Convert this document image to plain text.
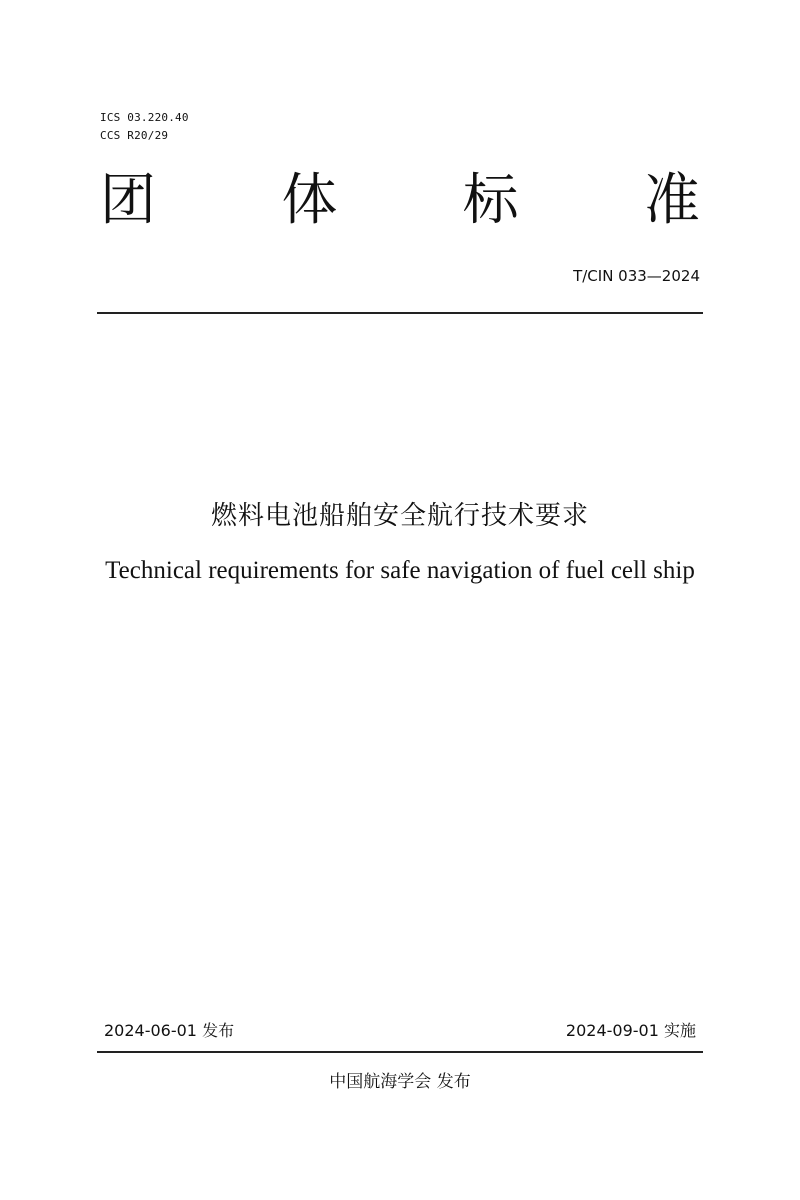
ICS 03.220.40
CCS R20/29
团 体 标 准
T/CIN 033—2024
燃料电池船舶安全航行技术要求
Technical requirements for safe navigation of fuel cell ship
2024-06-01 发布	2024-09-01 实施
中国航海学会 发布
